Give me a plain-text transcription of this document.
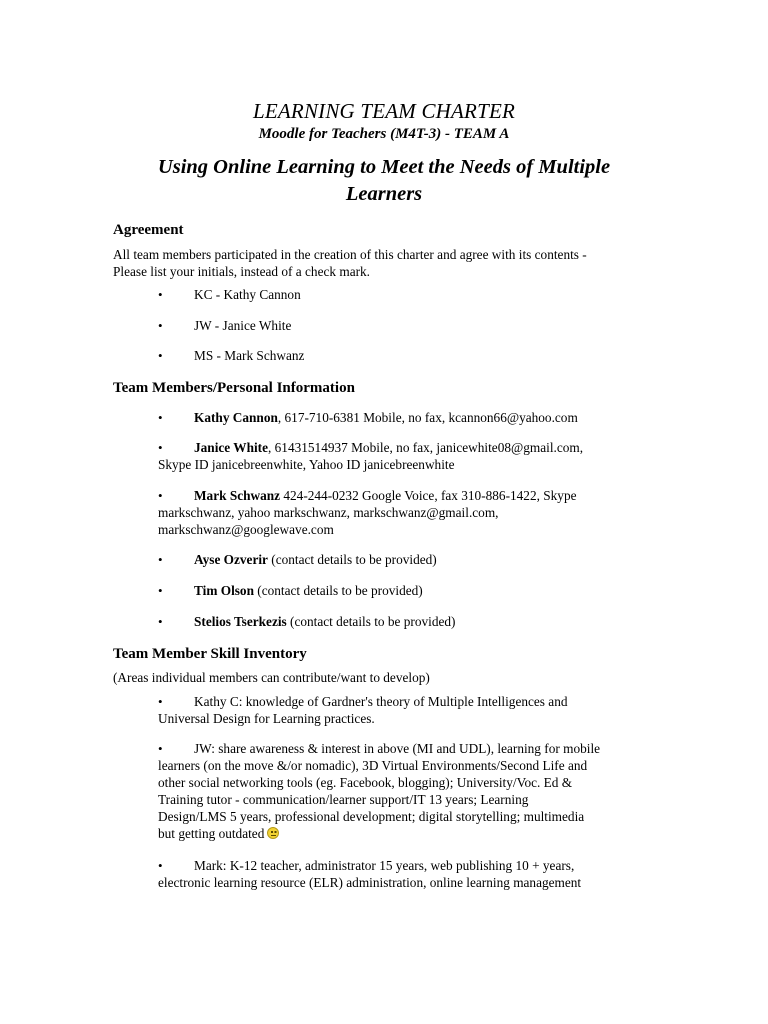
LEARNING TEAM CHARTER
Moodle for Teachers (M4T-3) - TEAM A
Using Online Learning to Meet the Needs of Multiple
Learners
Agreement
All team members participated in the creation of this charter and agree with its contents -
Please list your initials, instead of a check mark.
• KC - Kathy Cannon
• JW - Janice White
• MS - Mark Schwanz
Team Members/Personal Information
• Kathy Cannon, 617-710-6381 Mobile, no fax, kcannon66@yahoo.com
• Janice White, 61431514937 Mobile, no fax, janicewhite08@gmail.com,
Skype ID janicebreenwhite, Yahoo ID janicebreenwhite
• Mark Schwanz 424-244-0232 Google Voice, fax 310-886-1422, Skype
markschwanz, yahoo markschwanz, markschwanz@gmail.com,
markschwanz@googlewave.com
• Ayse Ozverir (contact details to be provided)
• Tim Olson (contact details to be provided)
• Stelios Tserkezis (contact details to be provided)
Team Member Skill Inventory
(Areas individual members can contribute/want to develop)
• Kathy C: knowledge of Gardner's theory of Multiple Intelligences and
Universal Design for Learning practices.
• JW: share awareness & interest in above (MI and UDL), learning for mobile
learners (on the move &/or nomadic), 3D Virtual Environments/Second Life and
other social networking tools (eg. Facebook, blogging); University/Voc. Ed &
Training tutor - communication/learner support/IT 13 years; Learning
Design/LMS 5 years, professional development; digital storytelling; multimedia
but getting outdated
• Mark: K-12 teacher, administrator 15 years, web publishing 10 + years,
electronic learning resource (ELR) administration, online learning management
